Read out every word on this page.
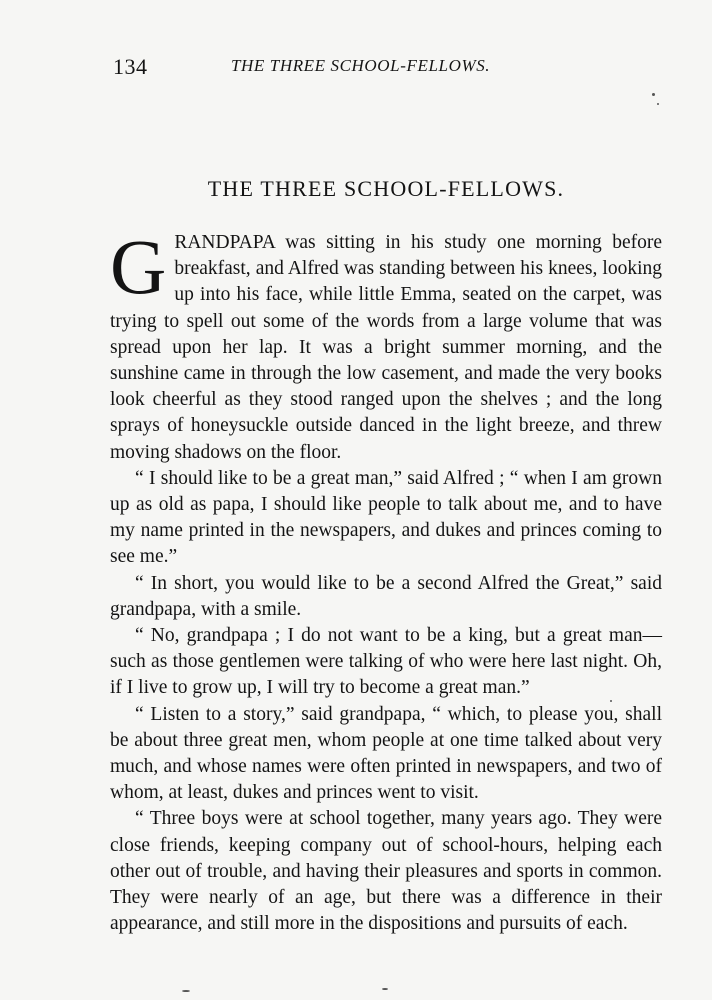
134	THE THREE SCHOOL-FELLOWS.
THE THREE SCHOOL-FELLOWS.

GRANDPAPA was sitting in his study one morning before breakfast, and Alfred was standing between his knees, looking up into his face, while little Emma, seated on the carpet, was trying to spell out some of the words from a large volume that was spread upon her lap. It was a bright summer morning, and the sunshine came in through the low casement, and made the very books look cheerful as they stood ranged upon the shelves ; and the long sprays of honeysuckle outside danced in the light breeze, and threw moving shadows on the floor.

“ I should like to be a great man,” said Alfred ; “ when I am grown up as old as papa, I should like people to talk about me, and to have my name printed in the newspapers, and dukes and princes coming to see me.”

“ In short, you would like to be a second Alfred the Great,” said grandpapa, with a smile.

“ No, grandpapa ; I do not want to be a king, but a great man—such as those gentlemen were talking of who were here last night. Oh, if I live to grow up, I will try to become a great man.”

“ Listen to a story,” said grandpapa, “ which, to please you, shall be about three great men, whom people at one time talked about very much, and whose names were often printed in newspapers, and two of whom, at least, dukes and princes went to visit.

“ Three boys were at school together, many years ago. They were close friends, keeping company out of school-hours, helping each other out of trouble, and having their pleasures and sports in common. They were nearly of an age, but there was a difference in their appearance, and still more in the dispositions and pursuits of each.
